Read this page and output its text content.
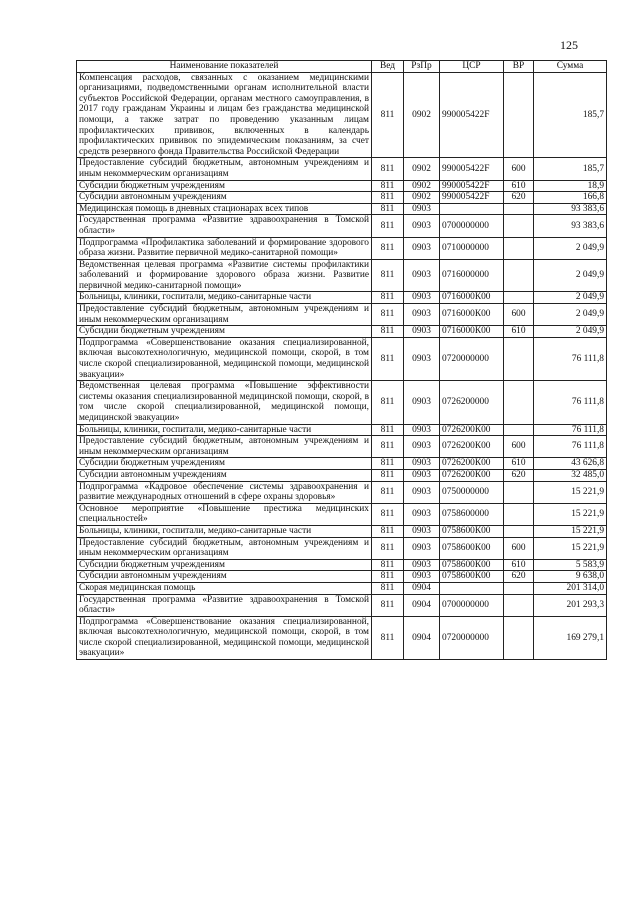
125
Наименование показателей	Вед	РзПр	ЦСР	ВР	Сумма
Компенсация расходов, связанных с оказанием медицинскими организациями, подведомственными органам исполнительной власти субъектов Российской Федерации, органам местного самоуправления, в 2017 году гражданам Украины и лицам без гражданства медицинской помощи, а также затрат по проведению указанным лицам профилактических прививок, включенных в календарь профилактических прививок по эпидемическим показаниям, за счет средств резервного фонда Правительства Российской Федерации	811	0902	990005422F		185,7
Предоставление субсидий бюджетным, автономным учреждениям и иным некоммерческим организациям	811	0902	990005422F	600	185,7
Субсидии бюджетным учреждениям	811	0902	990005422F	610	18,9
Субсидии автономным учреждениям	811	0902	990005422F	620	166,8
Медицинская помощь в дневных стационарах всех типов	811	0903			93 383,6
Государственная программа «Развитие здравоохранения в Томской области»	811	0903	0700000000		93 383,6
Подпрограмма «Профилактика заболеваний и формирование здорового образа жизни. Развитие первичной медико-санитарной помощи»	811	0903	0710000000		2 049,9
Ведомственная целевая программа «Развитие системы профилактики заболеваний и формирование здорового образа жизни. Развитие первичной медико-санитарной помощи»	811	0903	0716000000		2 049,9
Больницы, клиники, госпитали, медико-санитарные части	811	0903	0716000К00		2 049,9
Предоставление субсидий бюджетным, автономным учреждениям и иным некоммерческим организациям	811	0903	0716000К00	600	2 049,9
Субсидии бюджетным учреждениям	811	0903	0716000К00	610	2 049,9
Подпрограмма «Совершенствование оказания специализированной, включая высокотехнологичную, медицинской помощи, скорой, в том числе скорой специализированной, медицинской помощи, медицинской эвакуации»	811	0903	0720000000		76 111,8
Ведомственная целевая программа «Повышение эффективности системы оказания специализированной медицинской помощи, скорой, в том числе скорой специализированной, медицинской помощи, медицинской эвакуации»	811	0903	0726200000		76 111,8
Больницы, клиники, госпитали, медико-санитарные части	811	0903	0726200К00		76 111,8
Предоставление субсидий бюджетным, автономным учреждениям и иным некоммерческим организациям	811	0903	0726200К00	600	76 111,8
Субсидии бюджетным учреждениям	811	0903	0726200К00	610	43 626,8
Субсидии автономным учреждениям	811	0903	0726200К00	620	32 485,0
Подпрограмма «Кадровое обеспечение системы здравоохранения и развитие международных отношений в сфере охраны здоровья»	811	0903	0750000000		15 221,9
Основное мероприятие «Повышение престижа медицинских специальностей»	811	0903	0758600000		15 221,9
Больницы, клиники, госпитали, медико-санитарные части	811	0903	0758600К00		15 221,9
Предоставление субсидий бюджетным, автономным учреждениям и иным некоммерческим организациям	811	0903	0758600К00	600	15 221,9
Субсидии бюджетным учреждениям	811	0903	0758600К00	610	5 583,9
Субсидии автономным учреждениям	811	0903	0758600К00	620	9 638,0
Скорая медицинская помощь	811	0904			201 314,0
Государственная программа «Развитие здравоохранения в Томской области»	811	0904	0700000000		201 293,3
Подпрограмма «Совершенствование оказания специализированной, включая высокотехнологичную, медицинской помощи, скорой, в том числе скорой специализированной, медицинской помощи, медицинской эвакуации»	811	0904	0720000000		169 279,1
